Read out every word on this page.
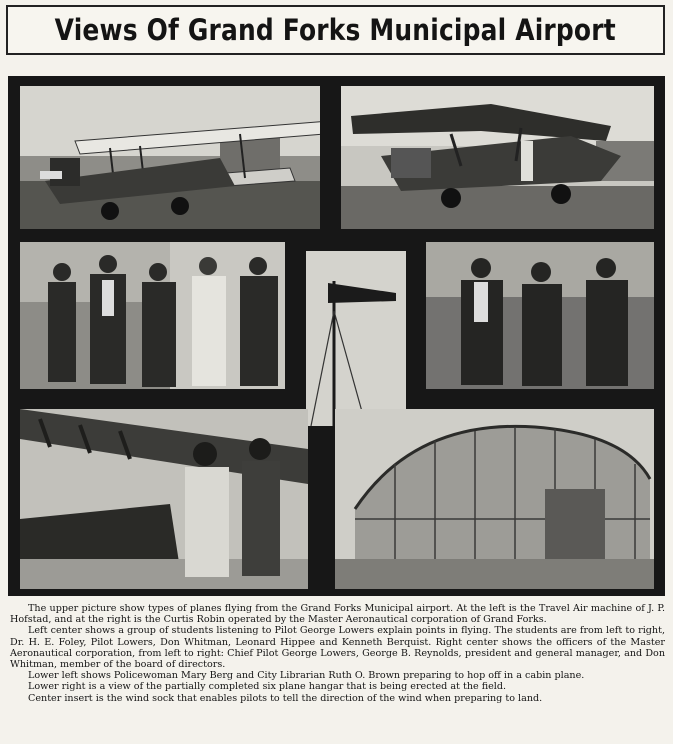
Views Of Grand Forks Municipal Airport

The upper picture show types of planes flying from the Grand Forks Municipal airport. At the left is the Travel Air machine of J. P. Hofstad, and at the right is the Curtis Robin operated by the Master Aeronautical corporation of Grand Forks.

Left center shows a group of students listening to Pilot George Lowers explain points in flying. The students are from left to right, Dr. H. E. Foley, Pilot Lowers, Don Whitman, Leonard Hippee and Kenneth Berquist. Right center shows the officers of the Master Aeronautical corporation, from left to right: Chief Pilot George Lowers, George B. Reynolds, president and general manager, and Don Whitman, member of the board of directors.

Lower left shows Policewoman Mary Berg and City Librarian Ruth O. Brown preparing to hop off in a cabin plane.

Lower right is a view of the partially completed six plane hangar that is being erected at the field.

Center insert is the wind sock that enables pilots to tell the direction of the wind when preparing to land.
